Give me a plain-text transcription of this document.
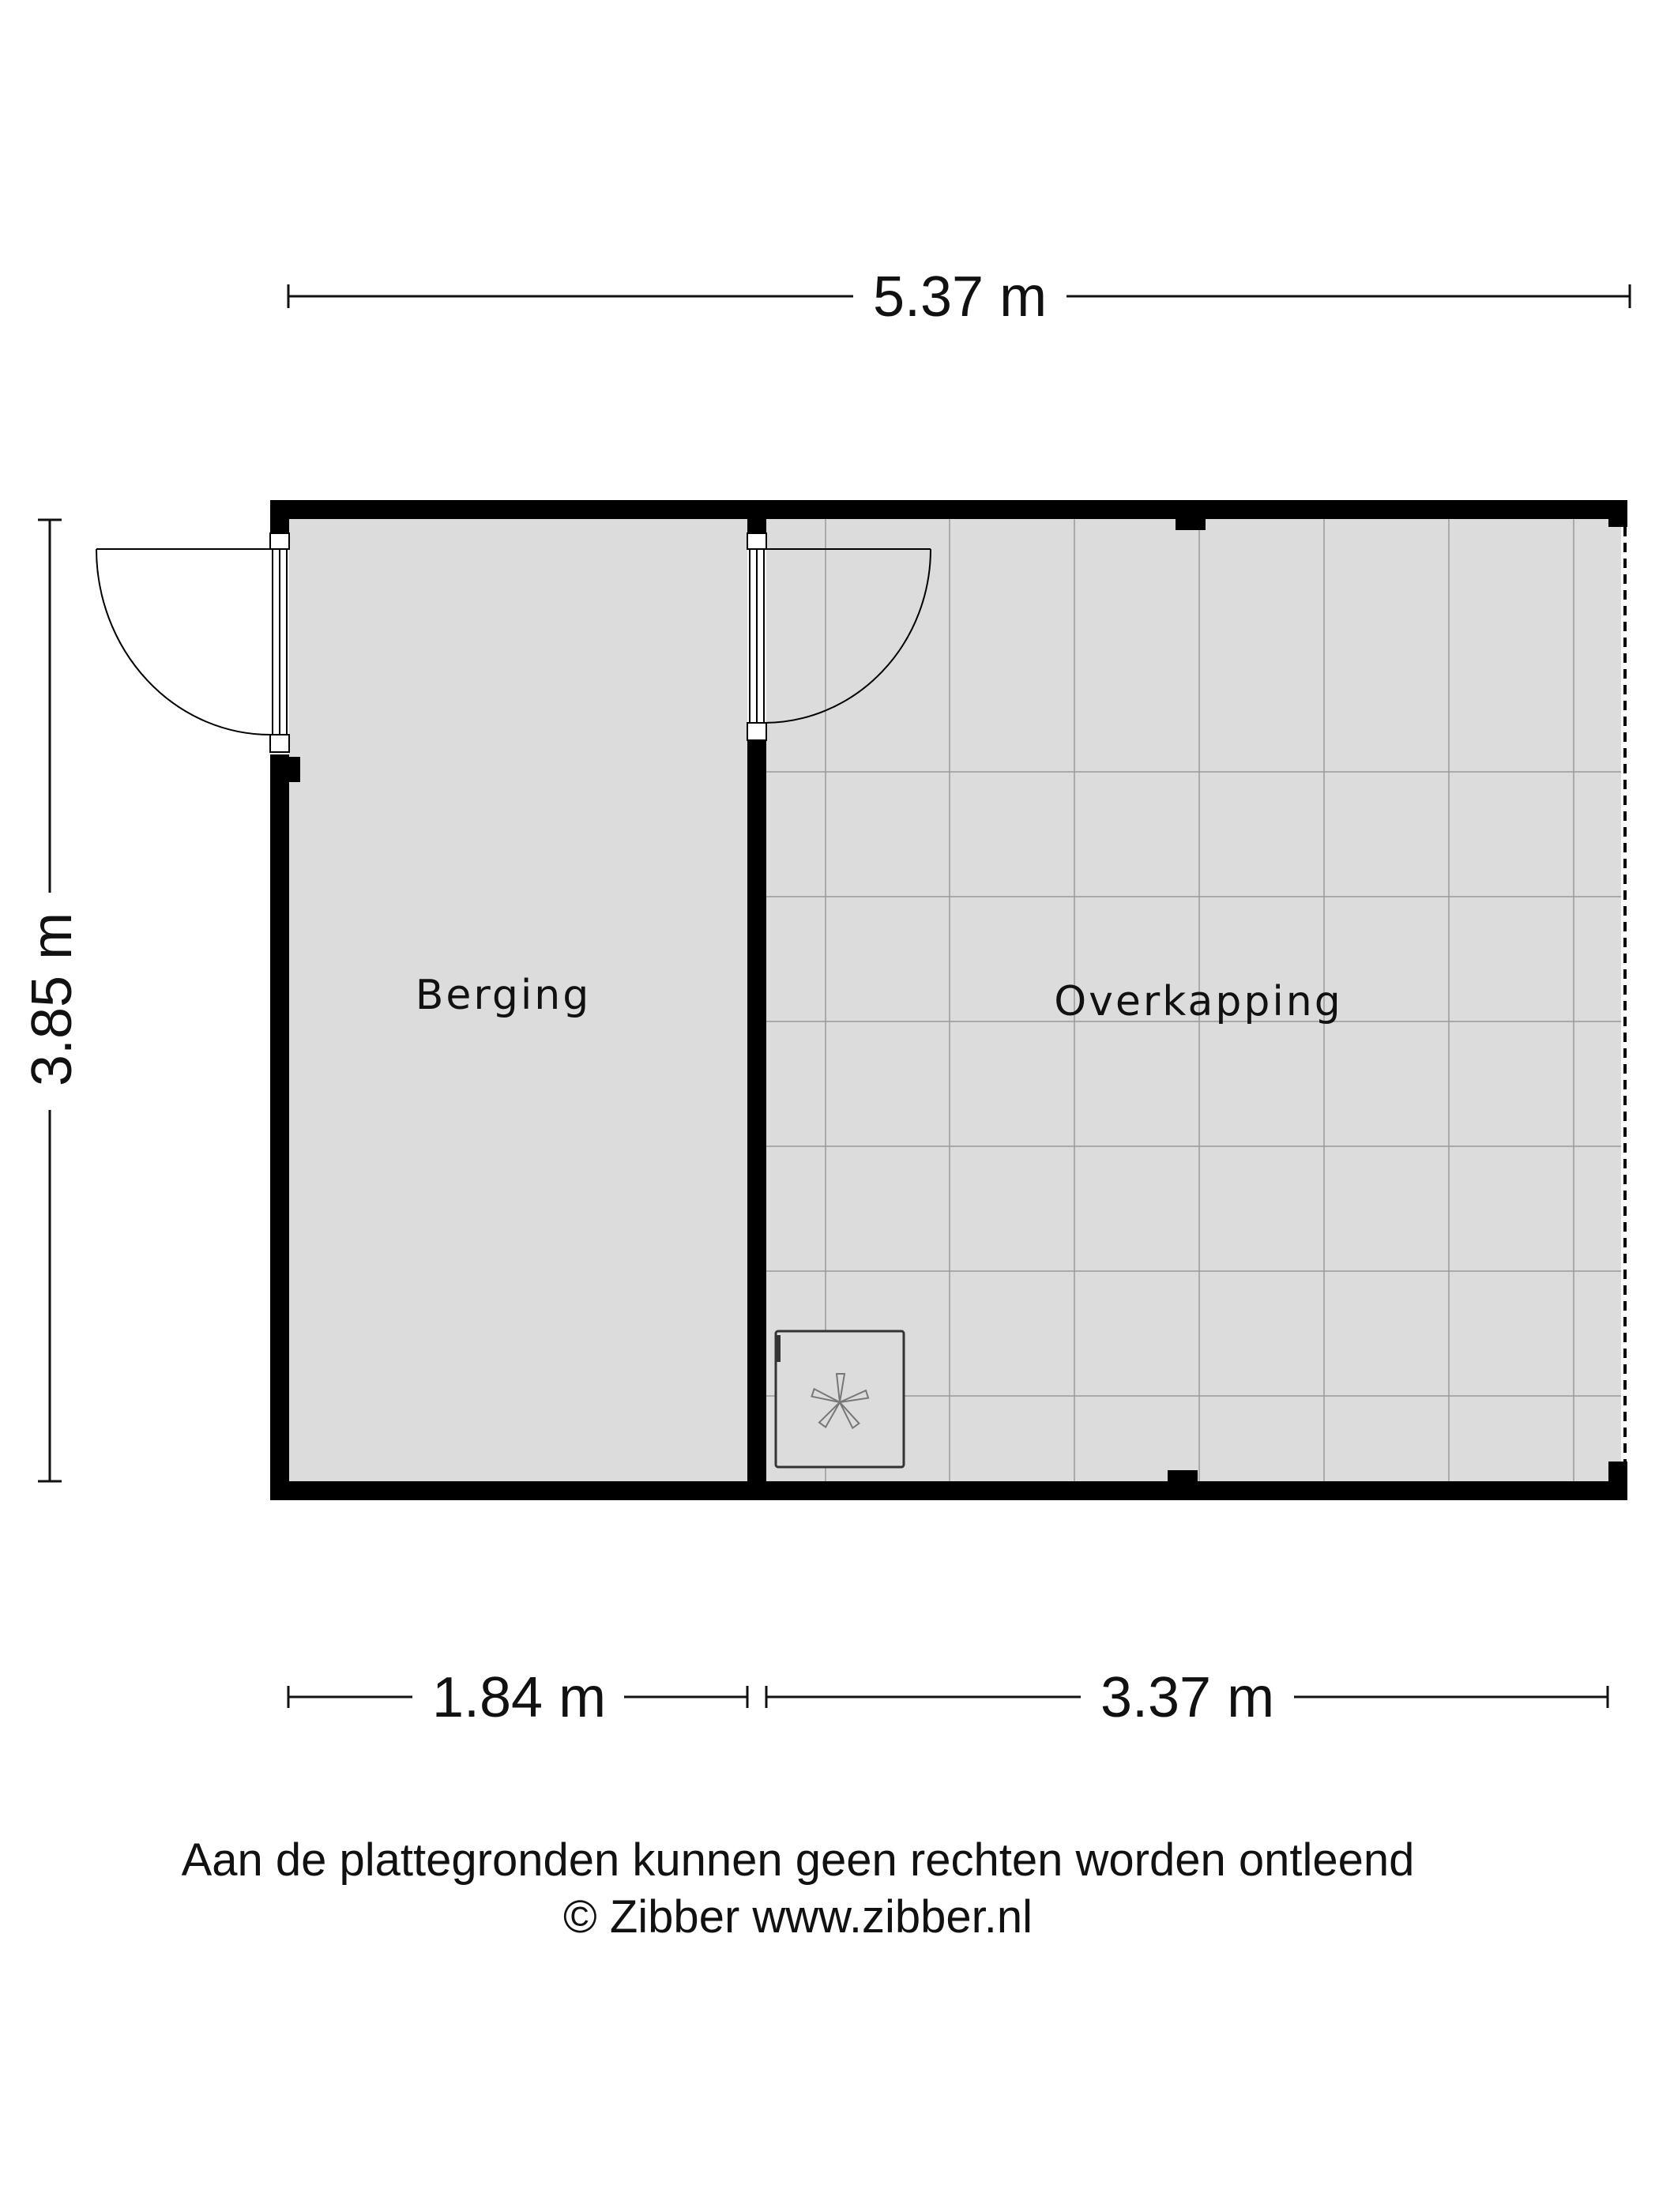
5.37 m
3.85 m	Berging	Overkapping
1.84 m	3.37 m
Aan de plattegronden kunnen geen rechten worden ontleend
© Zibber www.zibber.nl
